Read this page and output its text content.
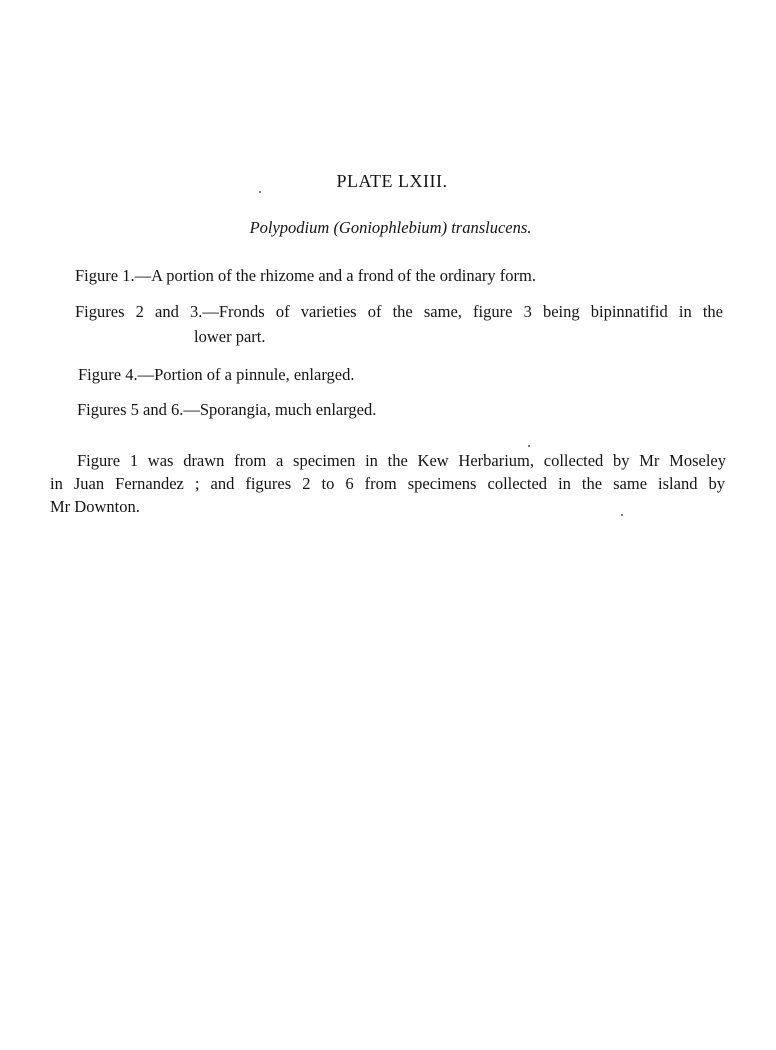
PLATE LXIII.
Polypodium (Goniophlebium) translucens.
Figure 1.—A portion of the rhizome and a frond of the ordinary form.
Figures 2 and 3.—Fronds of varieties of the same, figure 3 being bipinnatifid in the
lower part.
Figure 4.—Portion of a pinnule, enlarged.
Figures 5 and 6.—Sporangia, much enlarged.
Figure 1 was drawn from a specimen in the Kew Herbarium, collected by Mr Moseley
in Juan Fernandez ; and figures 2 to 6 from specimens collected in the same island by
Mr Downton.
